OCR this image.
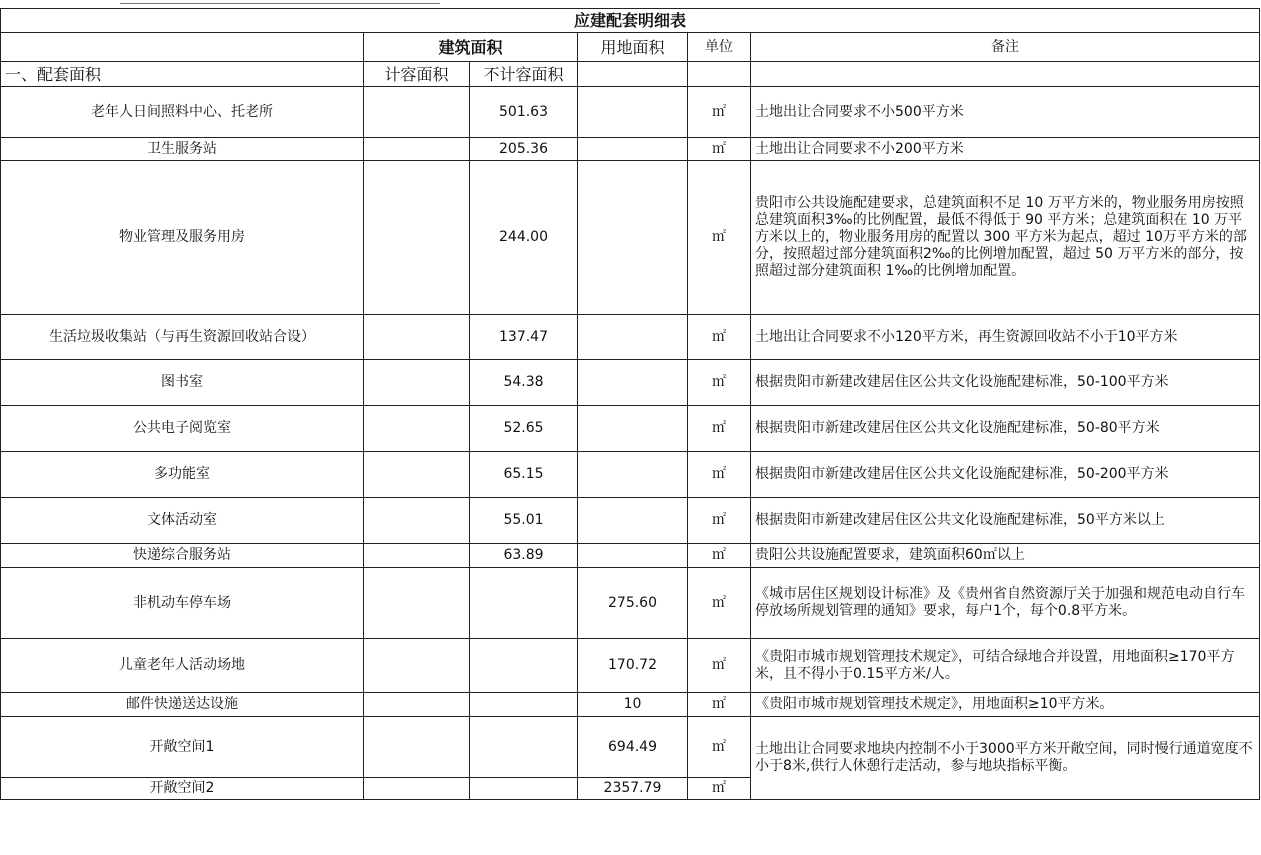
应建配套明细表					
	建筑面积		用地面积	单位	备注
一、配套面积	计容面积	不计容面积			
老年人日间照料中心、托老所		501.63		㎡	土地出让合同要求不小500平方米
卫生服务站		205.36		㎡	土地出让合同要求不小200平方米
物业管理及服务用房		244.00		㎡	贵阳市公共设施配建要求，总建筑面积不足 10 万平方米的，物业服务用房按照总建筑面积3‰的比例配置，最低不得低于 90 平方米；总建筑面积在 10 万平方米以上的，物业服务用房的配置以 300 平方米为起点，超过 10万平方米的部分，按照超过部分建筑面积2‰的比例增加配置，超过 50 万平方米的部分，按照超过部分建筑面积 1‰的比例增加配置。
生活垃圾收集站（与再生资源回收站合设）		137.47		㎡	土地出让合同要求不小120平方米，再生资源回收站不小于10平方米
图书室		54.38		㎡	根据贵阳市新建改建居住区公共文化设施配建标准，50-100平方米
公共电子阅览室		52.65		㎡	根据贵阳市新建改建居住区公共文化设施配建标准，50-80平方米
多功能室		65.15		㎡	根据贵阳市新建改建居住区公共文化设施配建标准，50-200平方米
文体活动室		55.01		㎡	根据贵阳市新建改建居住区公共文化设施配建标准，50平方米以上
快递综合服务站		63.89		㎡	贵阳公共设施配置要求，建筑面积60㎡以上
非机动车停车场			275.60	㎡	《城市居住区规划设计标准》及《贵州省自然资源厅关于加强和规范电动自行车停放场所规划管理的通知》要求，每户1个，每个0.8平方米。
儿童老年人活动场地			170.72	㎡	《贵阳市城市规划管理技术规定》，可结合绿地合并设置，用地面积≥170平方米，且不得小于0.15平方米/人。
邮件快递送达设施			10	㎡	《贵阳市城市规划管理技术规定》，用地面积≥10平方米。
开敞空间1			694.49	㎡	土地出让合同要求地块内控制不小于3000平方米开敞空间，同时慢行通道宽度不小于8米,供行人休憩行走活动，参与地块指标平衡。
开敞空间2			2357.79	㎡	
